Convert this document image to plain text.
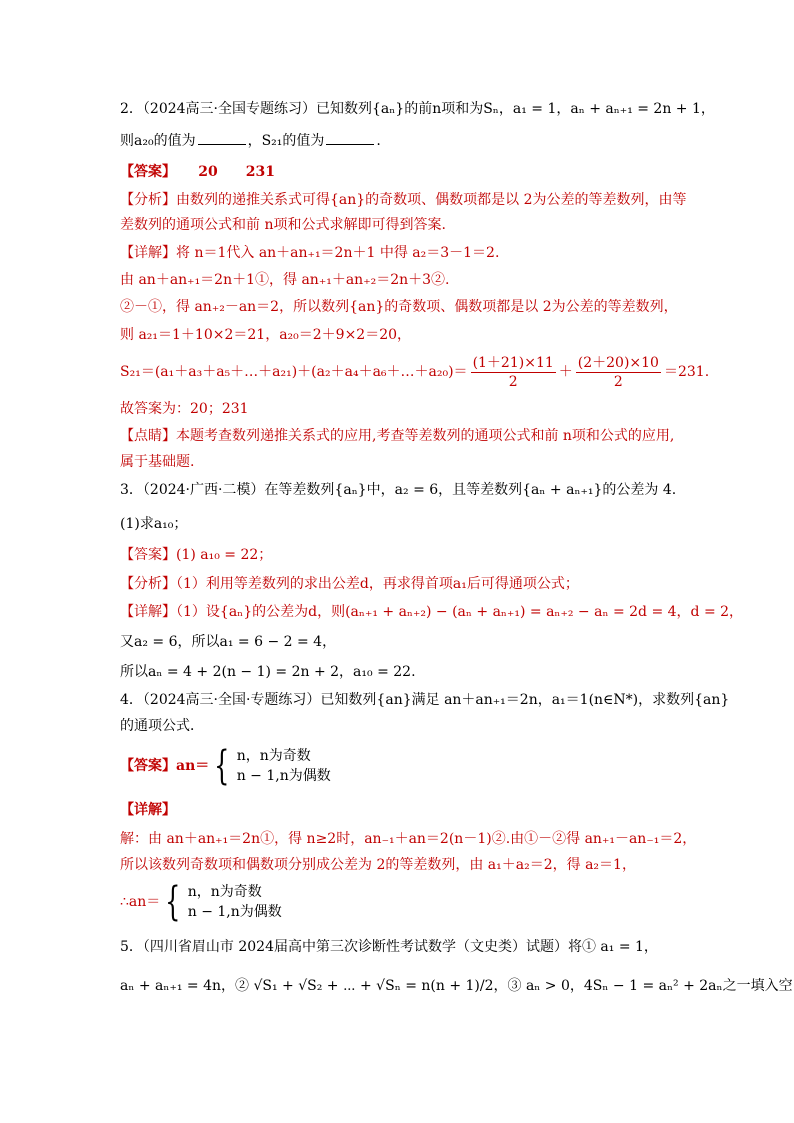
2．（2024高三·全国专题练习）已知数列{aₙ}的前n项和为Sₙ，a₁ = 1，aₙ + aₙ₊₁ = 2n + 1，
则a₂₀的值为	，S₂₁的值为	.
【答案】 20　　231
【分析】由数列的递推关系式可得{an}的奇数项、偶数项都是以 2为公差的等差数列，由等
差数列的通项公式和前 n项和公式求解即可得到答案.
【详解】将 n＝1代入 an＋an₊₁＝2n＋1 中得 a₂＝3－1＝2.
由 an＋an₊₁＝2n＋1①，得 an₊₁＋an₊₂＝2n＋3②.
②－①，得 an₊₂－an＝2，所以数列{an}的奇数项、偶数项都是以 2为公差的等差数列，
则 a₂₁＝1＋10×2＝21，a₂₀＝2＋9×2＝20，
S₂₁＝(a₁＋a₃＋a₅＋…＋a₂₁)＋(a₂＋a₄＋a₆＋…＋a₂₀)＝ $\frac{(1+21)\times 11}{2} + \frac{(2+20)\times 10}{2} =231$.
故答案为：20；231
【点睛】本题考查数列递推关系式的应用,考查等差数列的通项公式和前 n项和公式的应用,
属于基础题.
3．（2024·广西·二模）在等差数列{aₙ}中，a₂ = 6，且等差数列{aₙ + aₙ₊₁}的公差为 4.
(1)求a₁₀；
【答案】(1) a₁₀ = 22；
【分析】（1）利用等差数列的求出公差d，再求得首项a₁后可得通项公式；
【详解】（1）设{aₙ}的公差为d，则(aₙ₊₁ + aₙ₊₂) − (aₙ + aₙ₊₁) = aₙ₊₂ − aₙ = 2d = 4，d = 2，
又a₂ = 6，所以a₁ = 6 − 2 = 4，
所以aₙ = 4 + 2(n − 1) = 2n + 2，a₁₀ = 22.
4．（2024高三·全国·专题练习）已知数列{an}满足 an＋an₊₁＝2n，a₁＝1(n∈N*)，求数列{an}
的通项公式．
【答案】an＝ { n，n为奇数
n − 1,n为偶数
【详解】
解：由 an＋an₊₁＝2n①，得 n≥2时，an₋₁＋an＝2(n－1)②.由①－②得 an₊₁－an₋₁＝2，
所以该数列奇数项和偶数项分别成公差为 2的等差数列，由 a₁＋a₂＝2，得 a₂＝1，
∴an＝ { n，n为奇数
n − 1,n为偶数
5．（四川省眉山市 2024届高中第三次诊断性考试数学（文史类）试题）将① a₁ = 1，
aₙ + aₙ₊₁ = 4n，② √S₁ + √S₂ + ⋯ + √Sₙ = n(n + 1)/2，③ aₙ > 0，4Sₙ − 1 = aₙ² + 2aₙ之一填入空
